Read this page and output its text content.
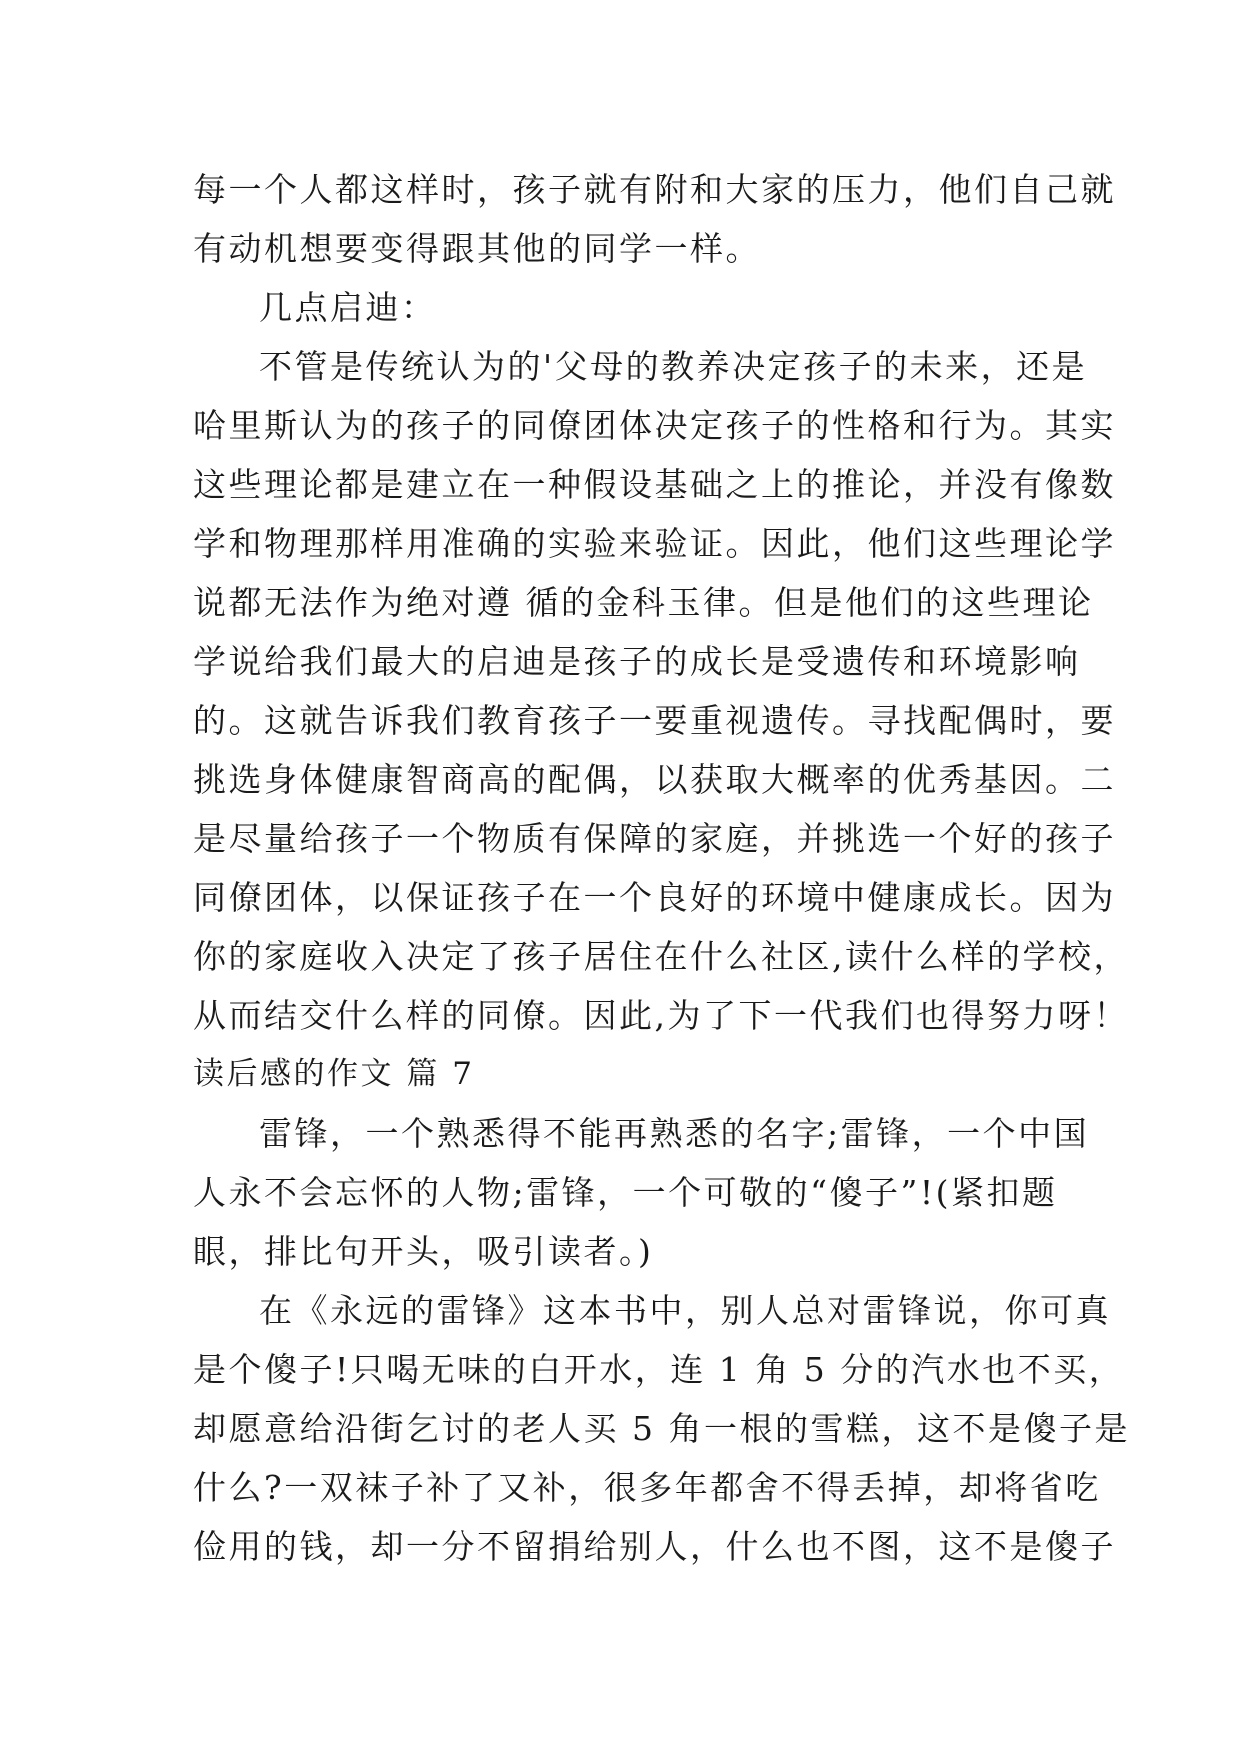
每一个人都这样时，孩子就有附和大家的压力，他们自己就
有动机想要变得跟其他的同学一样。
几点启迪：
不管是传统认为的'父母的教养决定孩子的未来，还是
哈里斯认为的孩子的同僚团体决定孩子的性格和行为。其实
这些理论都是建立在一种假设基础之上的推论，并没有像数
学和物理那样用准确的实验来验证。因此，他们这些理论学
说都无法作为绝对遵 循的金科玉律。但是他们的这些理论
学说给我们最大的启迪是孩子的成长是受遗传和环境影响
的。这就告诉我们教育孩子一要重视遗传。寻找配偶时，要
挑选身体健康智商高的配偶，以获取大概率的优秀基因。二
是尽量给孩子一个物质有保障的家庭，并挑选一个好的孩子
同僚团体，以保证孩子在一个良好的环境中健康成长。因为
你的家庭收入决定了孩子居住在什么社区,读什么样的学校，
从而结交什么样的同僚。因此,为了下一代我们也得努力呀！
读后感的作文 篇 7
雷锋，一个熟悉得不能再熟悉的名字;雷锋，一个中国
人永不会忘怀的人物;雷锋，一个可敬的“傻子”!(紧扣题
眼，排比句开头，吸引读者。)
在《永远的雷锋》这本书中，别人总对雷锋说，你可真
是个傻子!只喝无味的白开水，连 1 角 5 分的汽水也不买，
却愿意给沿街乞讨的老人买 5 角一根的雪糕，这不是傻子是
什么?一双袜子补了又补，很多年都舍不得丢掉，却将省吃
俭用的钱，却一分不留捐给别人，什么也不图，这不是傻子
